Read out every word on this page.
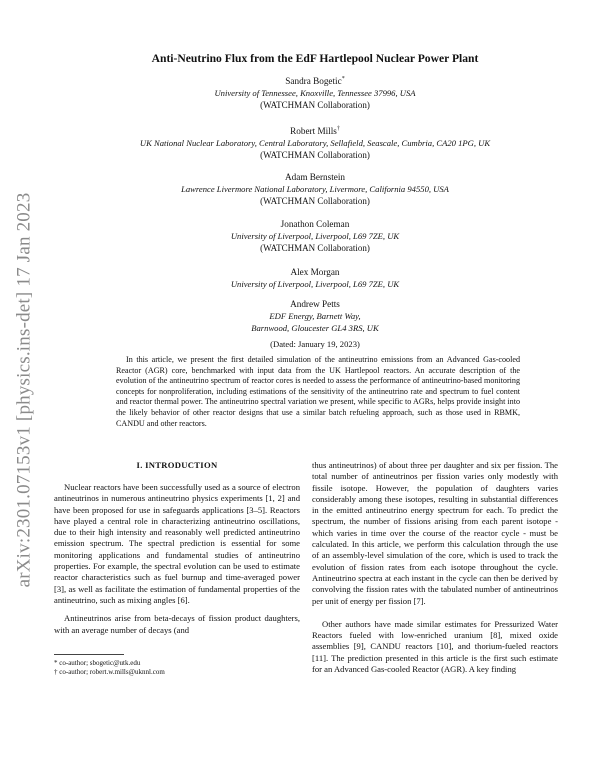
arXiv:2301.07153v1 [physics.ins-det] 17 Jan 2023
Anti-Neutrino Flux from the EdF Hartlepool Nuclear Power Plant
Sandra Bogetic*
University of Tennessee, Knoxville, Tennessee 37996, USA
(WATCHMAN Collaboration)
Robert Mills†
UK National Nuclear Laboratory, Central Laboratory, Sellafield, Seascale, Cumbria, CA20 1PG, UK
(WATCHMAN Collaboration)
Adam Bernstein
Lawrence Livermore National Laboratory, Livermore, California 94550, USA
(WATCHMAN Collaboration)
Jonathon Coleman
University of Liverpool, Liverpool, L69 7ZE, UK
(WATCHMAN Collaboration)
Alex Morgan
University of Liverpool, Liverpool, L69 7ZE, UK
Andrew Petts
EDF Energy, Barnett Way,
Barnwood, Gloucester GL4 3RS, UK
(Dated: January 19, 2023)

In this article, we present the first detailed simulation of the antineutrino emissions from an Advanced Gas-cooled Reactor (AGR) core, benchmarked with input data from the UK Hartlepool reactors. An accurate description of the evolution of the antineutrino spectrum of reactor cores is needed to assess the performance of antineutrino-based monitoring concepts for nonproliferation, including estimations of the sensitivity of the antineutrino rate and spectrum to fuel content and reactor thermal power. The antineutrino spectral variation we present, while specific to AGRs, helps provide insight into the likely behavior of other reactor designs that use a similar batch refueling approach, such as those used in RBMK, CANDU and other reactors.

I. INTRODUCTION

Nuclear reactors have been successfully used as a source of electron antineutrinos in numerous antineutrino physics experiments [1, 2] and have been proposed for use in safeguards applications [3–5]. Reactors have played a central role in characterizing antineutrino oscillations, due to their high intensity and reasonably well predicted antineutrino emission spectrum. The spectral prediction is essential for some monitoring applications and fundamental studies of antineutrino properties. For example, the spectral evolution can be used to estimate reactor characteristics such as fuel burnup and time-averaged power [3], as well as facilitate the estimation of fundamental properties of the antineutrino, such as mixing angles [6].

Antineutrinos arise from beta-decays of fission product daughters, with an average number of decays (and

thus antineutrinos) of about three per daughter and six per fission. The total number of antineutrinos per fission varies only modestly with fissile isotope. However, the population of daughters varies considerably among these isotopes, resulting in substantial differences in the emitted antineutrino energy spectrum for each. To predict the spectrum, the number of fissions arising from each parent isotope - which varies in time over the course of the reactor cycle - must be calculated. In this article, we perform this calculation through the use of an assembly-level simulation of the core, which is used to track the evolution of fission rates from each isotope throughout the cycle. Antineutrino spectra at each instant in the cycle can then be derived by convolving the fission rates with the tabulated number of antineutrinos per unit of energy per fission [7].

Other authors have made similar estimates for Pressurized Water Reactors fueled with low-enriched uranium [8], mixed oxide assemblies [9], CANDU reactors [10], and thorium-fueled reactors [11]. The prediction presented in this article is the first such estimate for an Advanced Gas-cooled Reactor (AGR). A key finding

* co-author; sbogetic@utk.edu
† co-author; robert.w.mills@uknnl.com
